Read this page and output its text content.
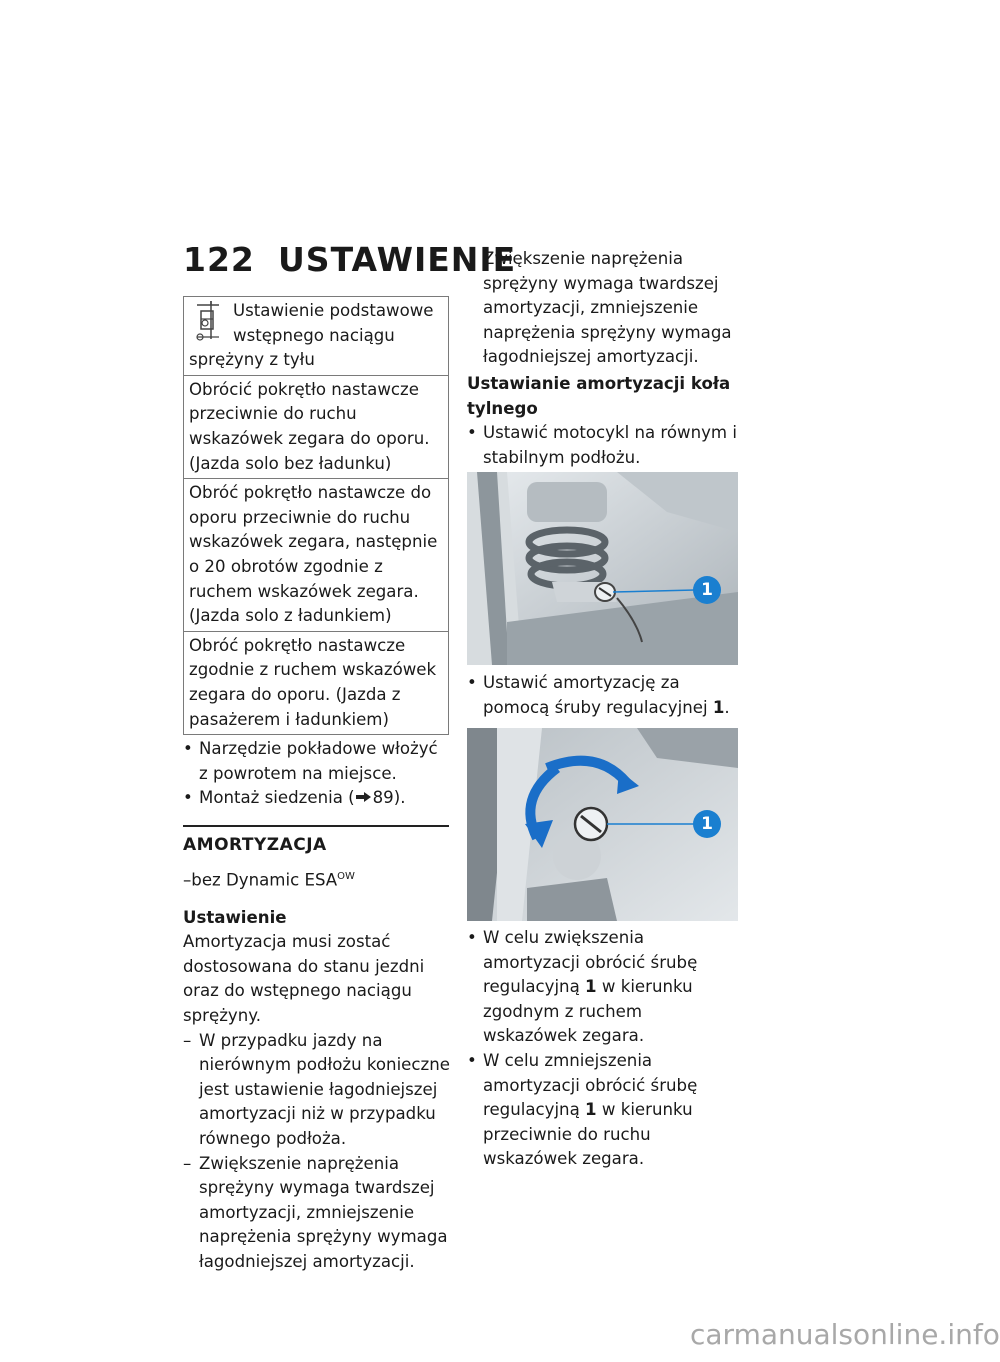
122 USTAWIENIE
Ustawienie podstawowe wstępnego naciągu sprężyny z tyłu
Obrócić pokrętło nastawcze przeciwnie do ruchu wskazówek zegara do oporu. (Jazda solo bez ładunku)
Obróć pokrętło nastawcze do oporu przeciwnie do ruchu wskazówek zegara, następnie o 20 obrotów zgodnie z ruchem wskazówek zegara. (Jazda solo z ładunkiem)
Obróć pokrętło nastawcze zgodnie z ruchem wskazówek zegara do oporu. (Jazda z pasażerem i ładunkiem)
• Narzędzie pokładowe włożyć z powrotem na miejsce.
• Montaż siedzenia ( 89).
AMORTYZACJA
–bez Dynamic $ESA^{OW}$
Ustawienie
Amortyzacja musi zostać dostosowana do stanu jezdni oraz do wstępnego naciągu sprężyny.
– W przypadku jazdy na nierównym podłożu konieczne jest ustawienie łagodniejszej amortyzacji niż w przypadku równego podłoża.
– Zwiększenie naprężenia sprężyny wymaga twardszej amortyzacji, zmniejszenie naprężenia sprężyny wymaga łagodniejszej amortyzacji.
Zwiększenie naprężenia sprężyny wymaga twardszej amortyzacji, zmniejszenie naprężenia sprężyny wymaga łagodniejszej amortyzacji.
Ustawianie amortyzacji koła tylnego
• Ustawić motocykl na równym i stabilnym podłożu.
1
• Ustawić amortyzację za pomocą śruby regulacyjnej 1.
1
• W celu zwiększenia amortyzacji obrócić śrubę regulacyjną 1 w kierunku zgodnym z ruchem wskazówek zegara.
• W celu zmniejszenia amortyzacji obrócić śrubę regulacyjną 1 w kierunku przeciwnie do ruchu wskazówek zegara.
carmanualsonline.info
